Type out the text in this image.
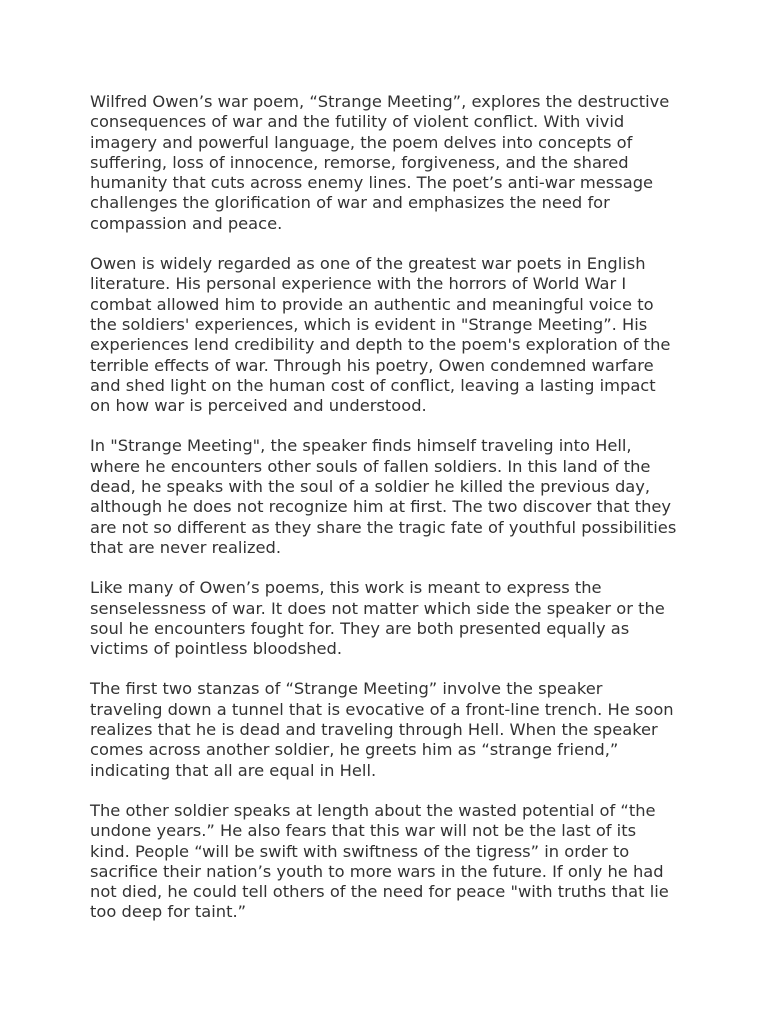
Wilfred Owen’s war poem, “Strange Meeting”, explores the destructive consequences of war and the futility of violent conflict. With vivid imagery and powerful language, the poem delves into concepts of suffering, loss of innocence, remorse, forgiveness, and the shared humanity that cuts across enemy lines. The poet’s anti-war message challenges the glorification of war and emphasizes the need for compassion and peace.

Owen is widely regarded as one of the greatest war poets in English literature. His personal experience with the horrors of World War I combat allowed him to provide an authentic and meaningful voice to the soldiers' experiences, which is evident in "Strange Meeting”. His experiences lend credibility and depth to the poem's exploration of the terrible effects of war. Through his poetry, Owen condemned warfare and shed light on the human cost of conflict, leaving a lasting impact on how war is perceived and understood.

In "Strange Meeting", the speaker finds himself traveling into Hell, where he encounters other souls of fallen soldiers. In this land of the dead, he speaks with the soul of a soldier he killed the previous day, although he does not recognize him at first. The two discover that they are not so different as they share the tragic fate of youthful possibilities that are never realized.

Like many of Owen’s poems, this work is meant to express the senselessness of war. It does not matter which side the speaker or the soul he encounters fought for. They are both presented equally as victims of pointless bloodshed.

The first two stanzas of “Strange Meeting” involve the speaker traveling down a tunnel that is evocative of a front-line trench. He soon realizes that he is dead and traveling through Hell. When the speaker comes across another soldier, he greets him as “strange friend,” indicating that all are equal in Hell.

The other soldier speaks at length about the wasted potential of “the undone years.” He also fears that this war will not be the last of its kind. People “will be swift with swiftness of the tigress” in order to sacrifice their nation’s youth to more wars in the future. If only he had not died, he could tell others of the need for peace "with truths that lie too deep for taint.”
